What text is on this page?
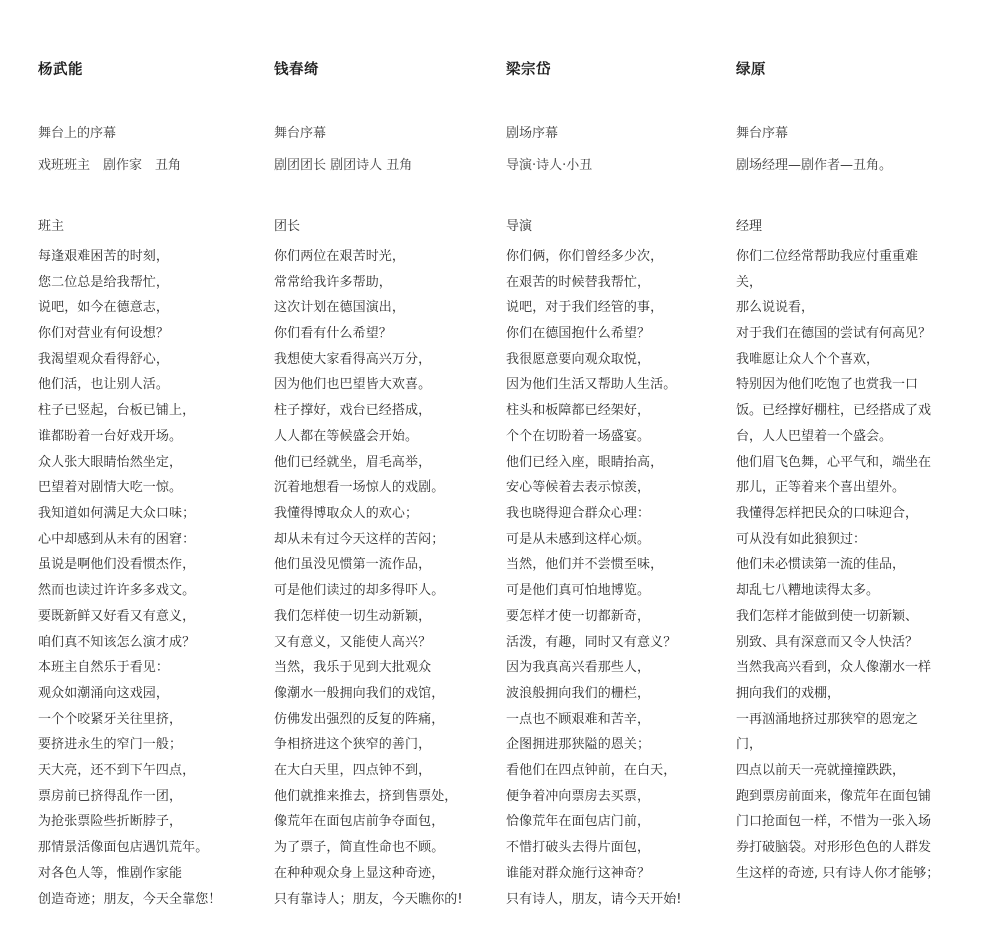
杨武能
舞台上的序幕
戏班班主　剧作家　丑角
班主
每逢艰难困苦的时刻，
您二位总是给我帮忙，
说吧，如今在德意志，
你们对营业有何设想？
我渴望观众看得舒心，
他们活，也让别人活。
柱子已竖起，台板已铺上，
谁都盼着一台好戏开场。
众人张大眼睛怡然坐定，
巴望着对剧情大吃一惊。
我知道如何满足大众口味；
心中却感到从未有的困窘：
虽说是啊他们没看惯杰作，
然而也读过许许多多戏文。
要既新鲜又好看又有意义，
咱们真不知该怎么演才成？
本班主自然乐于看见：
观众如潮涌向这戏园，
一个个咬紧牙关往里挤，
要挤进永生的窄门一般；
天大亮，还不到下午四点，
票房前已挤得乱作一团，
为抢张票险些折断脖子，
那情景活像面包店遇饥荒年。
对各色人等，惟剧作家能
创造奇迹；朋友，今天全靠您！
钱春绮
舞台序幕
剧团团长 剧团诗人 丑角
团长
你们两位在艰苦时光，
常常给我许多帮助，
这次计划在德国演出，
你们看有什么希望？
我想使大家看得高兴万分，
因为他们也巴望皆大欢喜。
柱子撑好，戏台已经搭成，
人人都在等候盛会开始。
他们已经就坐，眉毛高举，
沉着地想看一场惊人的戏剧。
我懂得博取众人的欢心；
却从未有过今天这样的苦闷；
他们虽没见惯第一流作品，
可是他们读过的却多得吓人。
我们怎样使一切生动新颖，
又有意义，又能使人高兴？
当然，我乐于见到大批观众
像潮水一般拥向我们的戏馆，
仿佛发出强烈的反复的阵痛，
争相挤进这个狭窄的善门，
在大白天里，四点钟不到，
他们就推来推去，挤到售票处，
像荒年在面包店前争夺面包，
为了票子，简直性命也不顾。
在种种观众身上显这种奇迹，
只有靠诗人；朋友，今天瞧你的!
梁宗岱
剧场序幕
导演·诗人·小丑
导演
你们俩，你们曾经多少次，
在艰苦的时候替我帮忙，
说吧，对于我们经管的事，
你们在德国抱什么希望？
我很愿意要向观众取悦，
因为他们生活又帮助人生活。
柱头和板障都已经架好，
个个在切盼着一场盛宴。
他们已经入座，眼睛抬高，
安心等候着去表示惊羡，
我也晓得迎合群众心理：
可是从未感到这样心烦。
当然，他们并不尝惯至味，
可是他们真可怕地博览。
要怎样才使一切都新奇，
活泼，有趣，同时又有意义？
因为我真高兴看那些人，
波浪般拥向我们的栅栏，
一点也不顾艰难和苦辛，
企图拥进那狭隘的恩关；
看他们在四点钟前，在白天，
便争着冲向票房去买票，
恰像荒年在面包店门前，
不惜打破头去得片面包，
谁能对群众施行这神奇？
只有诗人，朋友，请今天开始!
绿原
舞台序幕
剧场经理—剧作者—丑角。
经理
你们二位经常帮助我应付重重难
关，
那么说说看，
对于我们在德国的尝试有何高见？
我唯愿让众人个个喜欢，
特别因为他们吃饱了也赏我一口
饭。已经撑好棚柱，已经搭成了戏
台，人人巴望着一个盛会。
他们眉飞色舞，心平气和，端坐在
那儿，正等着来个喜出望外。
我懂得怎样把民众的口味迎合，
可从没有如此狼狈过：
他们未必惯读第一流的佳品，
却乱七八糟地读得太多。
我们怎样才能做到使一切新颖、
别致、具有深意而又令人快活？
当然我高兴看到，众人像潮水一样
拥向我们的戏棚，
一再汹涌地挤过那狭窄的恩宠之
门，
四点以前天一亮就撞撞跌跌，
跑到票房前面来，像荒年在面包铺
门口抢面包一样，不惜为一张入场
券打破脑袋。对形形色色的人群发
生这样的奇迹, 只有诗人你才能够；
